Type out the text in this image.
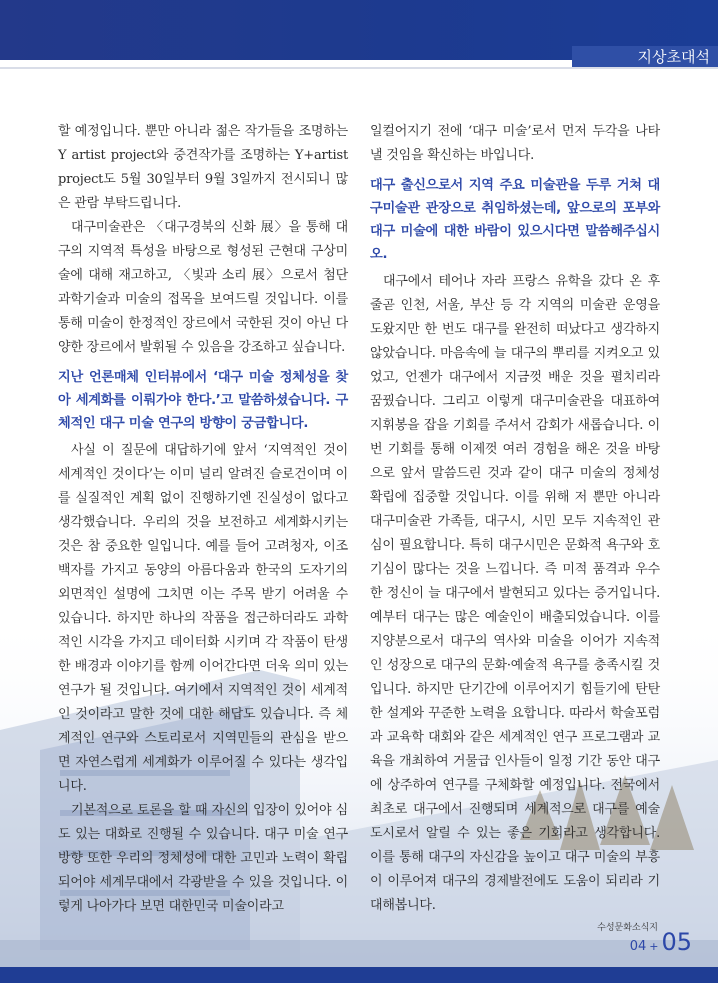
지상초대석

할 예정입니다. 뿐만 아니라 젊은 작가들을 조명하는 Y artist project와 중견작가를 조명하는 Y+artist project도 5월 30일부터 9월 3일까지 전시되니 많은 관람 부탁드립니다.

대구미술관은 〈대구경북의 신화 展〉을 통해 대구의 지역적 특성을 바탕으로 형성된 근현대 구상미술에 대해 재고하고, 〈빛과 소리 展〉으로서 첨단 과학기술과 미술의 접목을 보여드릴 것입니다. 이를 통해 미술이 한정적인 장르에서 국한된 것이 아닌 다양한 장르에서 발휘될 수 있음을 강조하고 싶습니다.

지난 언론매체 인터뷰에서 ‘대구 미술 정체성을 찾아 세계화를 이뤄가야 한다.’고 말씀하셨습니다. 구체적인 대구 미술 연구의 방향이 궁금합니다.

사실 이 질문에 대답하기에 앞서 ‘지역적인 것이 세계적인 것이다’는 이미 널리 알려진 슬로건이며 이를 실질적인 계획 없이 진행하기엔 진실성이 없다고 생각했습니다. 우리의 것을 보전하고 세계화시키는 것은 참 중요한 일입니다. 예를 들어 고려청자, 이조백자를 가지고 동양의 아름다움과 한국의 도자기의 외면적인 설명에 그치면 이는 주목 받기 어려울 수 있습니다. 하지만 하나의 작품을 접근하더라도 과학적인 시각을 가지고 데이터화 시키며 각 작품이 탄생한 배경과 이야기를 함께 이어간다면 더욱 의미 있는 연구가 될 것입니다. 여기에서 지역적인 것이 세계적인 것이라고 말한 것에 대한 해답도 있습니다. 즉 체계적인 연구와 스토리로서 지역민들의 관심을 받으면 자연스럽게 세계화가 이루어질 수 있다는 생각입니다.

기본적으로 토론을 할 때 자신의 입장이 있어야 심도 있는 대화로 진행될 수 있습니다. 대구 미술 연구 방향 또한 우리의 정체성에 대한 고민과 노력이 확립되어야 세계무대에서 각광받을 수 있을 것입니다. 이렇게 나아가다 보면 대한민국 미술이라고

일컬어지기 전에 ‘대구 미술’로서 먼저 두각을 나타낼 것임을 확신하는 바입니다.

대구 출신으로서 지역 주요 미술관을 두루 거쳐 대구미술관 관장으로 취임하셨는데, 앞으로의 포부와 대구 미술에 대한 바람이 있으시다면 말씀해주십시오.

대구에서 테어나 자라 프랑스 유학을 갔다 온 후 줄곧 인천, 서울, 부산 등 각 지역의 미술관 운영을 도왔지만 한 번도 대구를 완전히 떠났다고 생각하지 않았습니다. 마음속에 늘 대구의 뿌리를 지켜오고 있었고, 언젠가 대구에서 지금껏 배운 것을 펼치리라 꿈꿨습니다. 그리고 이렇게 대구미술관을 대표하여 지휘봉을 잡을 기회를 주셔서 감회가 새롭습니다. 이번 기회를 통해 이제껏 여러 경험을 해온 것을 바탕으로 앞서 말씀드린 것과 같이 대구 미술의 정체성 확립에 집중할 것입니다. 이를 위해 저 뿐만 아니라 대구미술관 가족들, 대구시, 시민 모두 지속적인 관심이 필요합니다. 특히 대구시민은 문화적 욕구와 호기심이 많다는 것을 느낍니다. 즉 미적 품격과 우수한 정신이 늘 대구에서 발현되고 있다는 증거입니다. 예부터 대구는 많은 예술인이 배출되었습니다. 이를 지양분으로서 대구의 역사와 미술을 이어가 지속적인 성장으로 대구의 문화·예술적 욕구를 충족시킬 것입니다. 하지만 단기간에 이루어지기 힘들기에 탄탄한 설계와 꾸준한 노력을 요합니다. 따라서 학술포럼과 교육학 대회와 같은 세계적인 연구 프로그램과 교육을 개최하여 거물급 인사들이 일정 기간 동안 대구에 상주하여 연구를 구체화할 예정입니다. 전국에서 최초로 대구에서 진행되며 세계적으로 대구를 예술 도시로서 알릴 수 있는 좋은 기회라고 생각합니다. 이를 통해 대구의 자신감을 높이고 대구 미술의 부흥이 이루어져 대구의 경제발전에도 도움이 되리라 기대해봅니다.

수성문화소식지
04 + 05
